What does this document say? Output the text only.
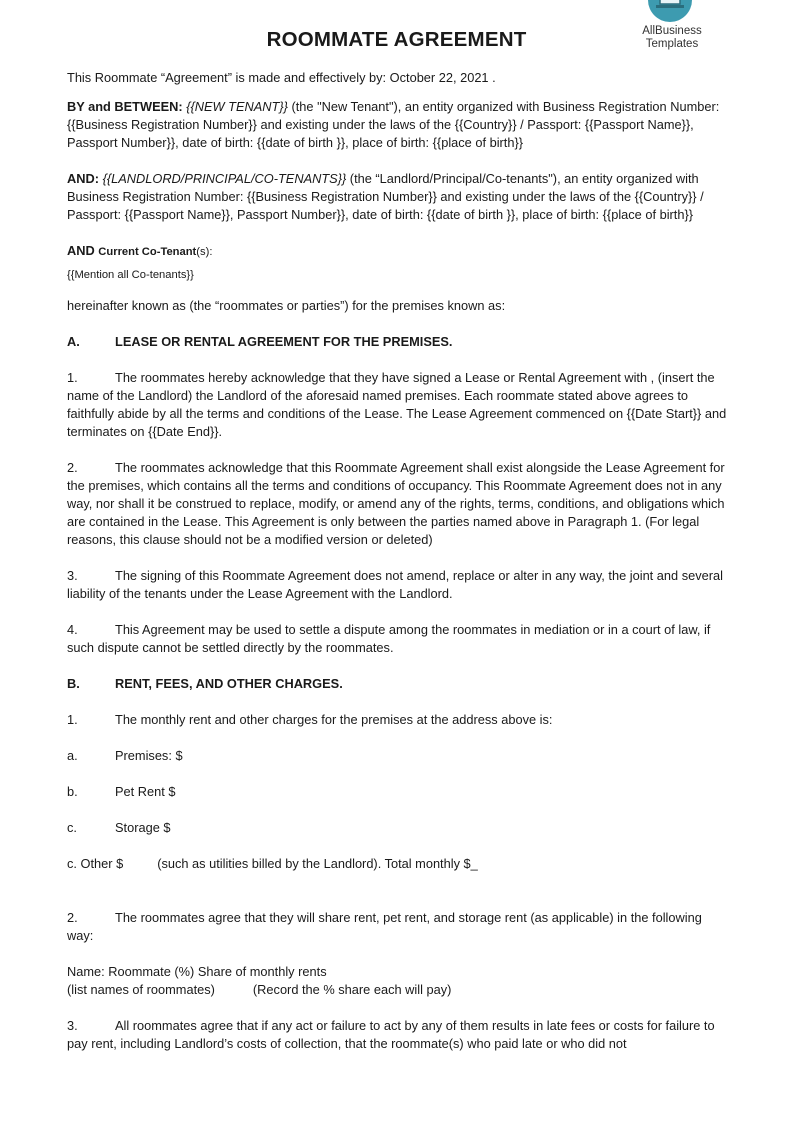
AllBusiness
Templates
ROOMMATE AGREEMENT

This Roommate “Agreement” is made and effectively by: October 22, 2021 .

BY and BETWEEN: {{NEW TENANT}} (the "New Tenant"), an entity organized with Business Registration Number: {{Business Registration Number}} and existing under the laws of the {{Country}} / Passport: {{Passport Name}}, Passport Number}}, date of birth: {{date of birth }}, place of birth: {{place of birth}}

AND: {{LANDLORD/PRINCIPAL/CO-TENANTS}} (the “Landlord/Principal/Co-tenants"), an entity organized with Business Registration Number: {{Business Registration Number}} and existing under the laws of the {{Country}} / Passport: {{Passport Name}}, Passport Number}}, date of birth: {{date of birth }}, place of birth: {{place of birth}}

AND Current Co-Tenant(s):

{{Mention all Co-tenants}}

hereinafter known as (the “roommates or parties”) for the premises known as:

A.	LEASE OR RENTAL AGREEMENT FOR THE PREMISES.

1.	The roommates hereby acknowledge that they have signed a Lease or Rental Agreement with , (insert the name of the Landlord) the Landlord of the aforesaid named premises. Each roommate stated above agrees to faithfully abide by all the terms and conditions of the Lease. The Lease Agreement commenced on {{Date Start}} and terminates on {{Date End}}.

2.	The roommates acknowledge that this Roommate Agreement shall exist alongside the Lease Agreement for the premises, which contains all the terms and conditions of occupancy. This Roommate Agreement does not in any way, nor shall it be construed to replace, modify, or amend any of the rights, terms, conditions, and obligations which are contained in the Lease. This Agreement is only between the parties named above in Paragraph 1. (For legal reasons, this clause should not be a modified version or deleted)

3.	The signing of this Roommate Agreement does not amend, replace or alter in any way, the joint and several liability of the tenants under the Lease Agreement with the Landlord.

4.	This Agreement may be used to settle a dispute among the roommates in mediation or in a court of law, if such dispute cannot be settled directly by the roommates.

B.	RENT, FEES, AND OTHER CHARGES.

1.	The monthly rent and other charges for the premises at the address above is:

a.	Premises: $

b.	Pet Rent $

c.	Storage $

c. Other $	(such as utilities billed by the Landlord). Total monthly $_

2.	The roommates agree that they will share rent, pet rent, and storage rent (as applicable) in the following way:

Name: Roommate (%) Share of monthly rents

(list names of roommates)	(Record the % share each will pay)

3.	All roommates agree that if any act or failure to act by any of them results in late fees or costs for failure to pay rent, including Landlord’s costs of collection, that the roommate(s) who paid late or who did not
